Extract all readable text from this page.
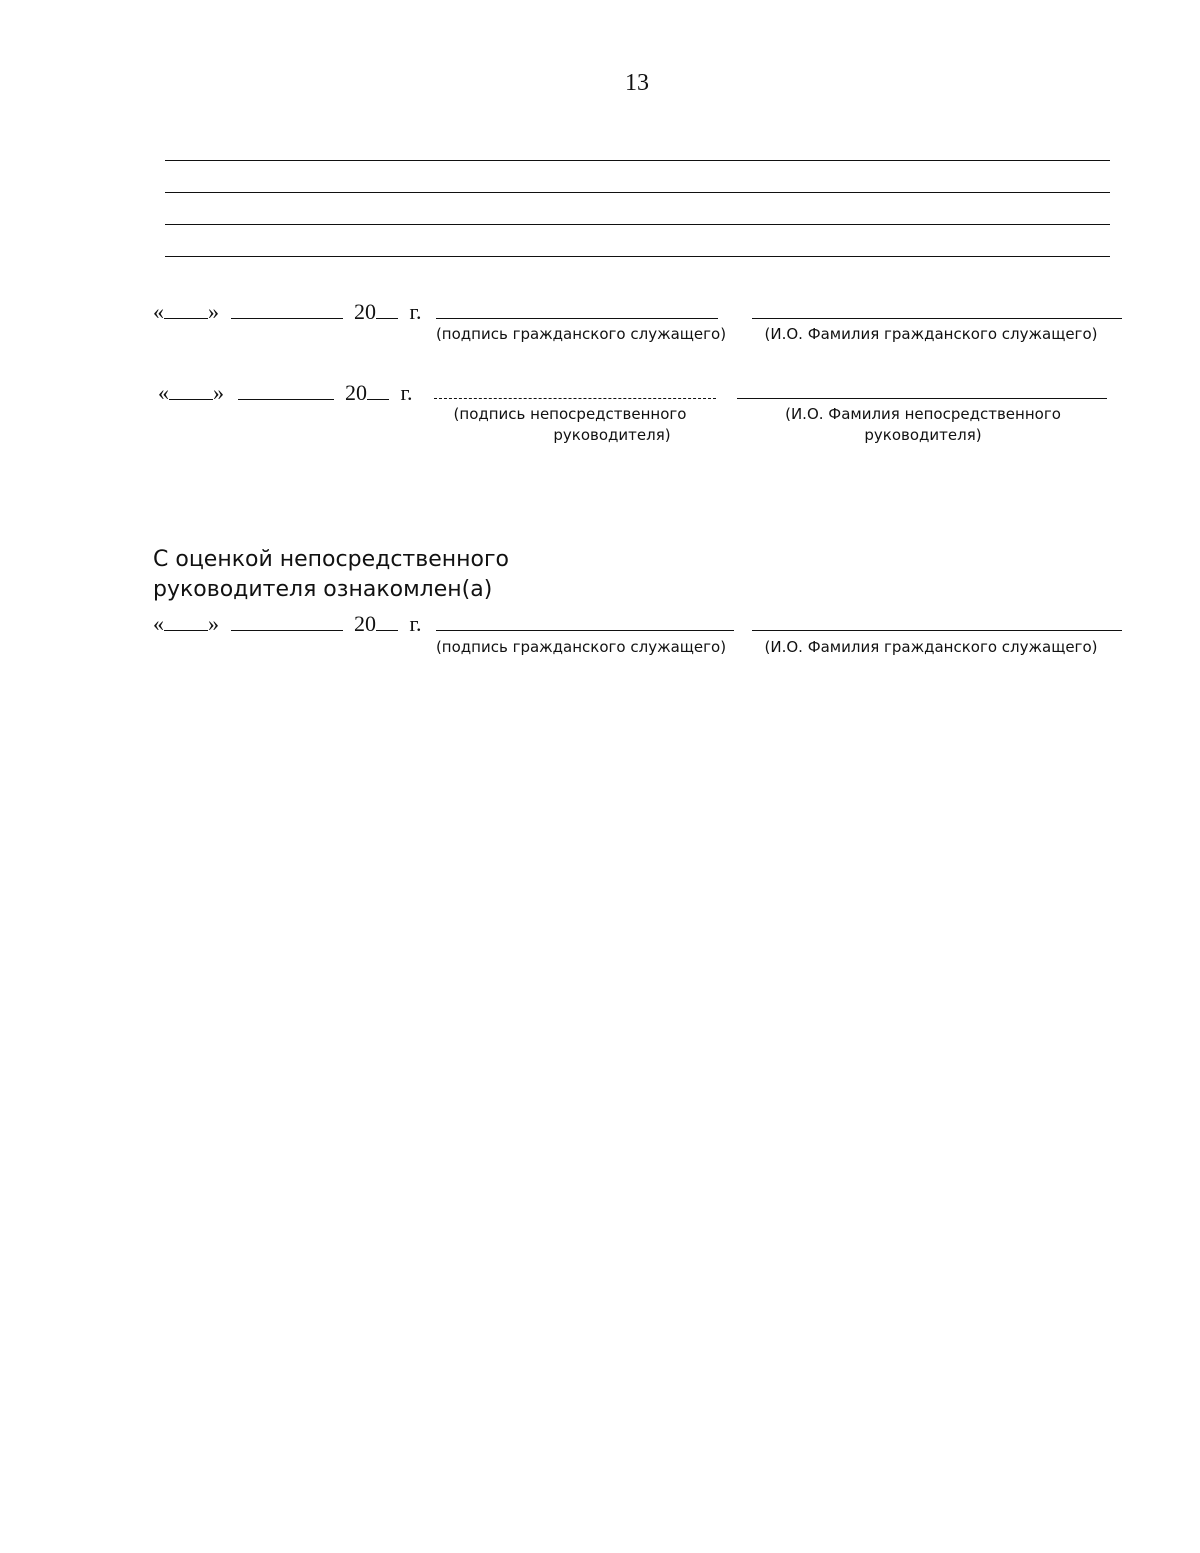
13
« »	20 г.
(подпись гражданского служащего)	(И.О. Фамилия гражданского служащего)
« »	20 г.
(подпись непосредственного
руководителя)
(И.О. Фамилия непосредственного
руководителя)
С оценкой непосредственного
руководителя ознакомлен(а)
« »	20 г.
(подпись гражданского служащего)	(И.О. Фамилия гражданского служащего)
